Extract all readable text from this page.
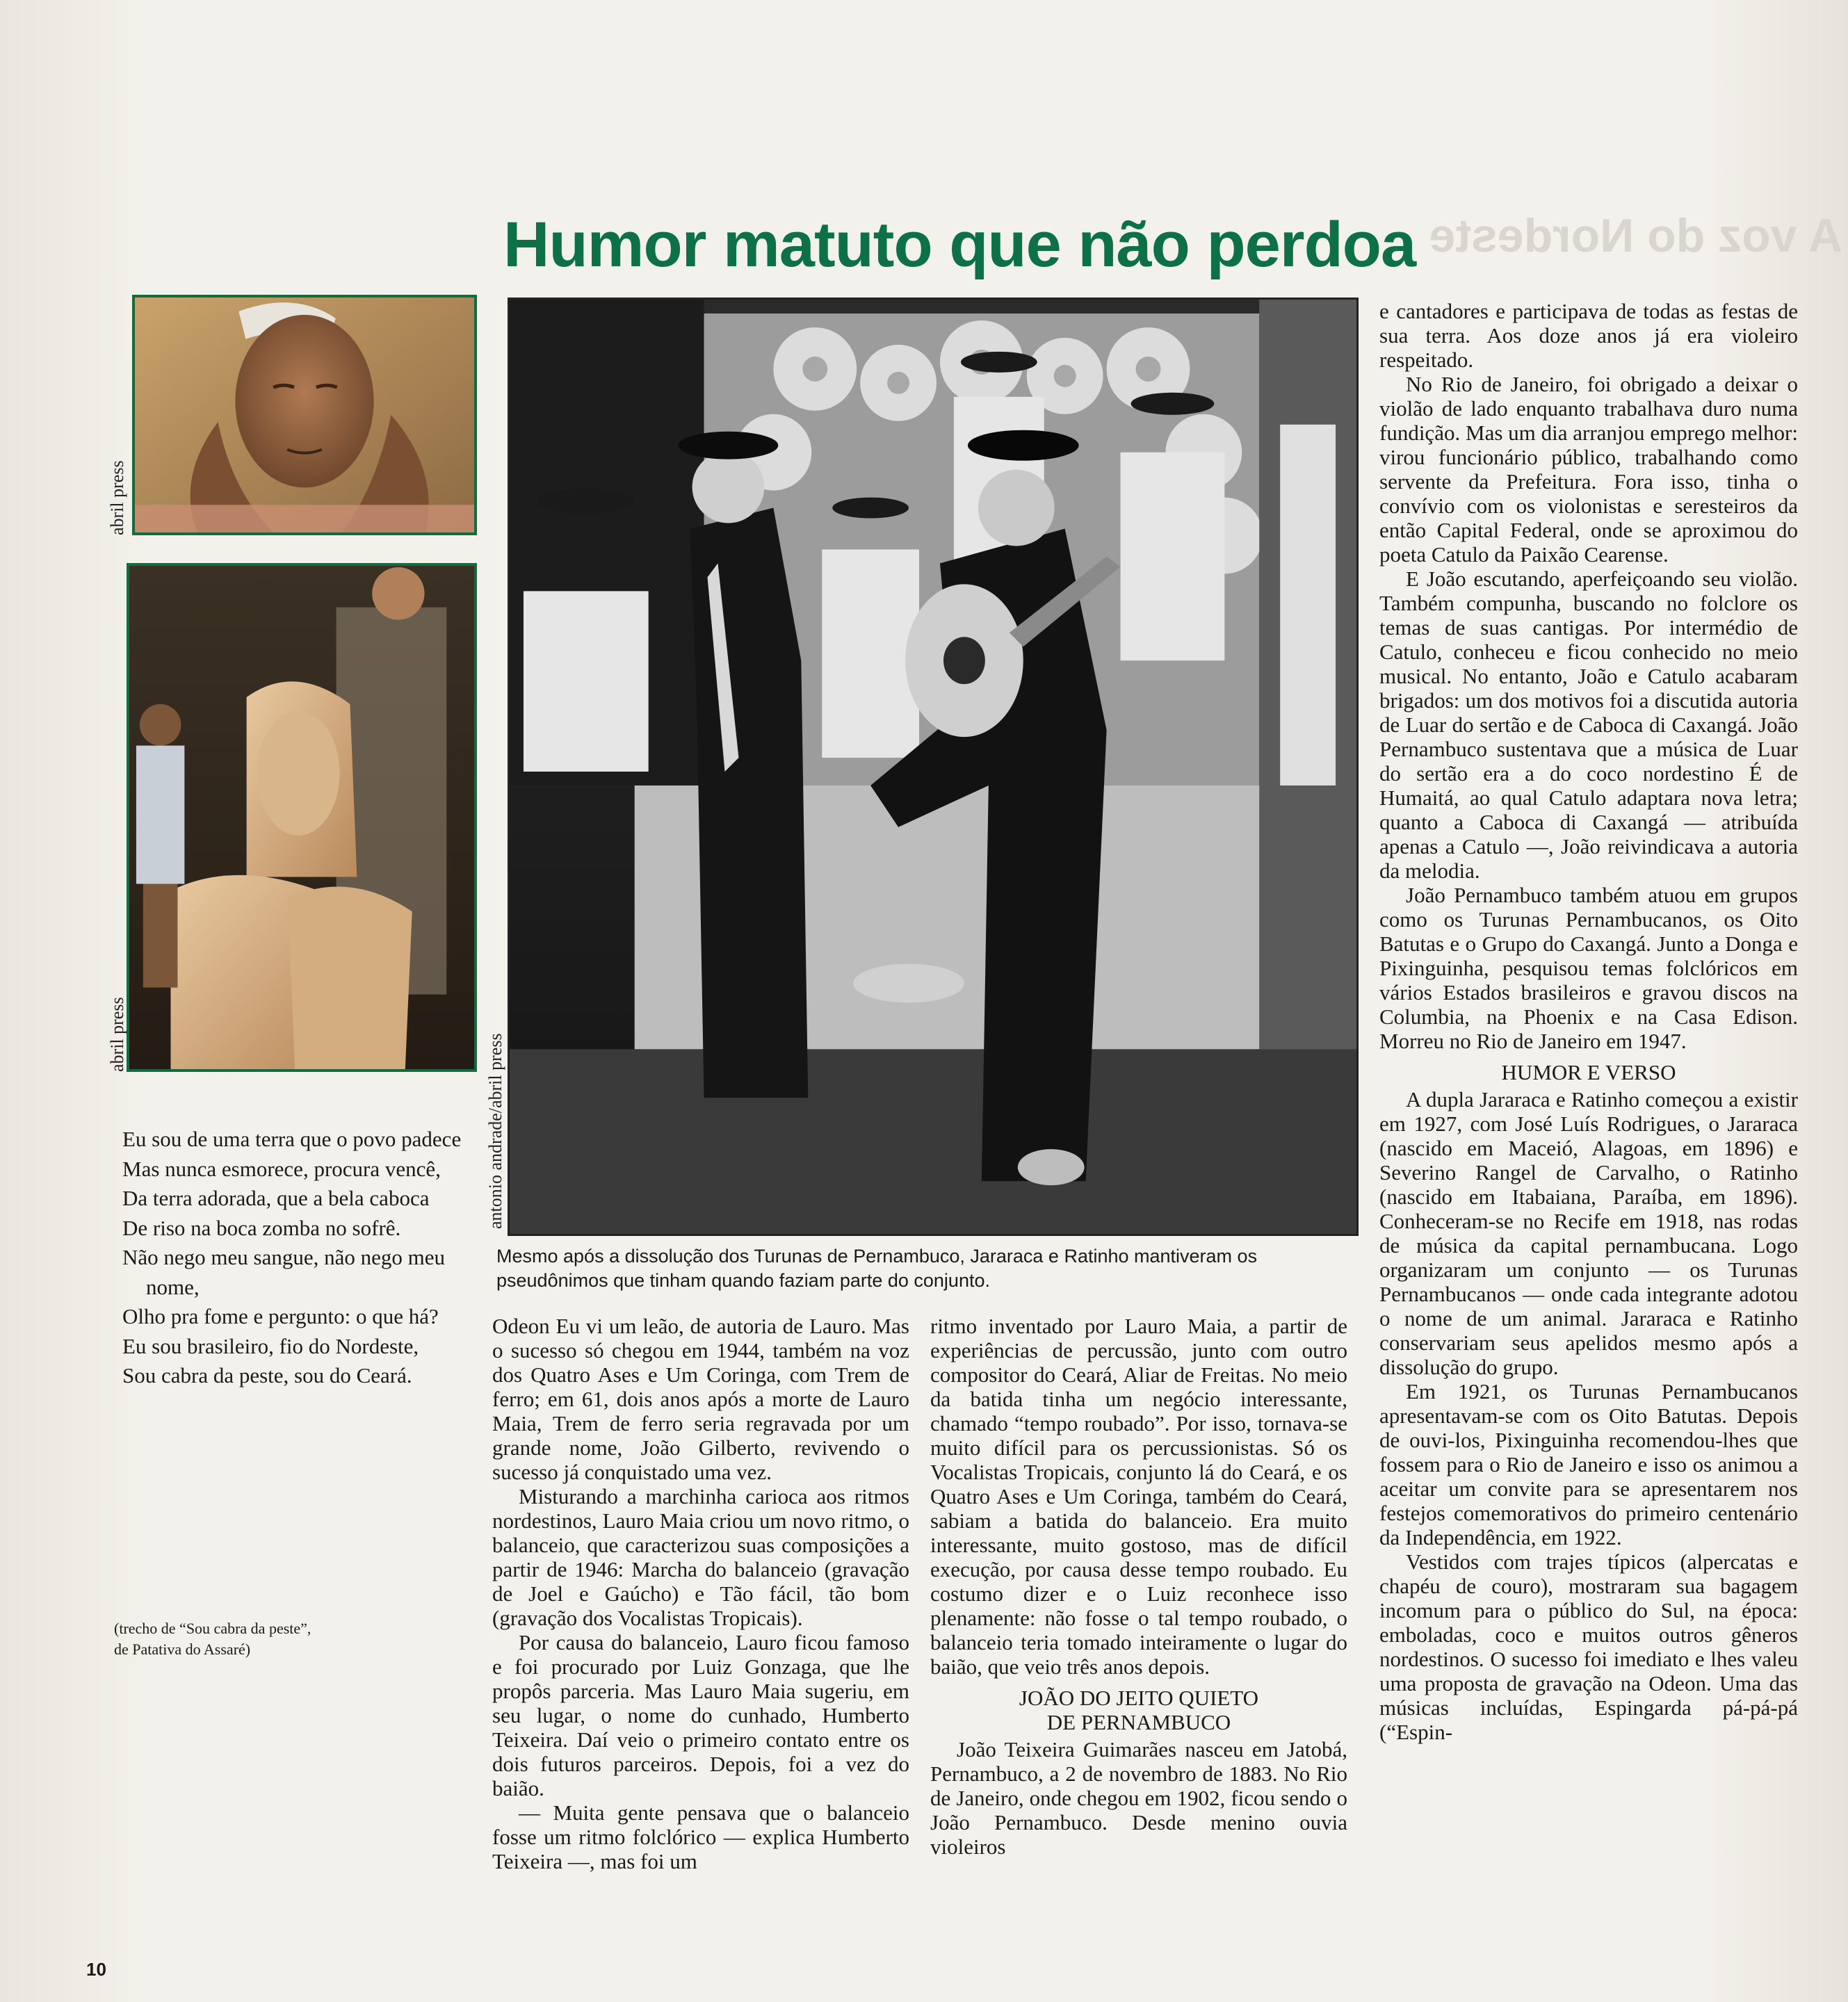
A voz do Nordeste
Humor matuto que não perdoa
abril press
abril press	antonio andrade/abril press
Mesmo após a dissolução dos Turunas de Pernambuco, Jararaca e Ratinho mantiveram os pseudônimos que tinham quando faziam parte do conjunto.

Eu sou de uma terra que o povo padece

Mas nunca esmorece, procura vencê,

Da terra adorada, que a bela caboca

De riso na boca zomba no sofrê.

Não nego meu sangue, não nego meu nome,

Olho pra fome e pergunto: o que há?

Eu sou brasileiro, fio do Nordeste,

Sou cabra da peste, sou do Ceará.

(trecho de “Sou cabra da peste”,
de Patativa do Assaré)

Odeon Eu vi um leão, de autoria de Lauro. Mas o sucesso só chegou em 1944, também na voz dos Quatro Ases e Um Coringa, com Trem de ferro; em 61, dois anos após a morte de Lauro Maia, Trem de ferro seria regravada por um grande nome, João Gilberto, revivendo o sucesso já conquistado uma vez.

Misturando a marchinha carioca aos ritmos nordestinos, Lauro Maia criou um novo ritmo, o balanceio, que caracterizou suas composições a partir de 1946: Marcha do balanceio (gravação de Joel e Gaúcho) e Tão fácil, tão bom (gravação dos Vocalistas Tropicais).

Por causa do balanceio, Lauro ficou famoso e foi procurado por Luiz Gonzaga, que lhe propôs parceria. Mas Lauro Maia sugeriu, em seu lugar, o nome do cunhado, Humberto Teixeira. Daí veio o primeiro contato entre os dois futuros parceiros. Depois, foi a vez do baião.

— Muita gente pensava que o balanceio fosse um ritmo folclórico — explica Humberto Teixeira —, mas foi um

ritmo inventado por Lauro Maia, a partir de experiências de percussão, junto com outro compositor do Ceará, Aliar de Freitas. No meio da batida tinha um negócio interessante, chamado “tempo roubado”. Por isso, tornava-se muito difícil para os percussionistas. Só os Vocalistas Tropicais, conjunto lá do Ceará, e os Quatro Ases e Um Coringa, também do Ceará, sabiam a batida do balanceio. Era muito interessante, muito gostoso, mas de difícil execução, por causa desse tempo roubado. Eu costumo dizer e o Luiz reconhece isso plenamente: não fosse o tal tempo roubado, o balanceio teria tomado inteiramente o lugar do baião, que veio três anos depois.

JOÃO DO JEITO QUIETO
DE PERNAMBUCO

João Teixeira Guimarães nasceu em Jatobá, Pernambuco, a 2 de novembro de 1883. No Rio de Janeiro, onde chegou em 1902, ficou sendo o João Pernambuco. Desde menino ouvia violeiros

e cantadores e participava de todas as festas de sua terra. Aos doze anos já era violeiro respeitado.

No Rio de Janeiro, foi obrigado a deixar o violão de lado enquanto trabalhava duro numa fundição. Mas um dia arranjou emprego melhor: virou funcionário público, trabalhando como servente da Prefeitura. Fora isso, tinha o convívio com os violonistas e seresteiros da então Capital Federal, onde se aproximou do poeta Catulo da Paixão Cearense.

E João escutando, aperfeiçoando seu violão. Também compunha, buscando no folclore os temas de suas cantigas. Por intermédio de Catulo, conheceu e ficou conhecido no meio musical. No entanto, João e Catulo acabaram brigados: um dos motivos foi a discutida autoria de Luar do sertão e de Caboca di Caxangá. João Pernambuco sustentava que a música de Luar do sertão era a do coco nordestino É de Humaitá, ao qual Catulo adaptara nova letra; quanto a Caboca di Caxangá — atribuída apenas a Catulo —, João reivindicava a autoria da melodia.

João Pernambuco também atuou em grupos como os Turunas Pernambucanos, os Oito Batutas e o Grupo do Caxangá. Junto a Donga e Pixinguinha, pesquisou temas folclóricos em vários Estados brasileiros e gravou discos na Columbia, na Phoenix e na Casa Edison. Morreu no Rio de Janeiro em 1947.

HUMOR E VERSO

A dupla Jararaca e Ratinho começou a existir em 1927, com José Luís Rodrigues, o Jararaca (nascido em Maceió, Alagoas, em 1896) e Severino Rangel de Carvalho, o Ratinho (nascido em Itabaiana, Paraíba, em 1896). Conheceram-se no Recife em 1918, nas rodas de música da capital pernambucana. Logo organizaram um conjunto — os Turunas Pernambucanos — onde cada integrante adotou o nome de um animal. Jararaca e Ratinho conservariam seus apelidos mesmo após a dissolução do grupo.

Em 1921, os Turunas Pernambucanos apresentavam-se com os Oito Batutas. Depois de ouvi-los, Pixinguinha recomendou-lhes que fossem para o Rio de Janeiro e isso os animou a aceitar um convite para se apresentarem nos festejos comemorativos do primeiro centenário da Independência, em 1922.

Vestidos com trajes típicos (alpercatas e chapéu de couro), mostraram sua bagagem incomum para o público do Sul, na época: emboladas, coco e muitos outros gêneros nordestinos. O sucesso foi imediato e lhes valeu uma proposta de gravação na Odeon. Uma das músicas incluídas, Espingarda pá-pá-pá (“Espin-

10
